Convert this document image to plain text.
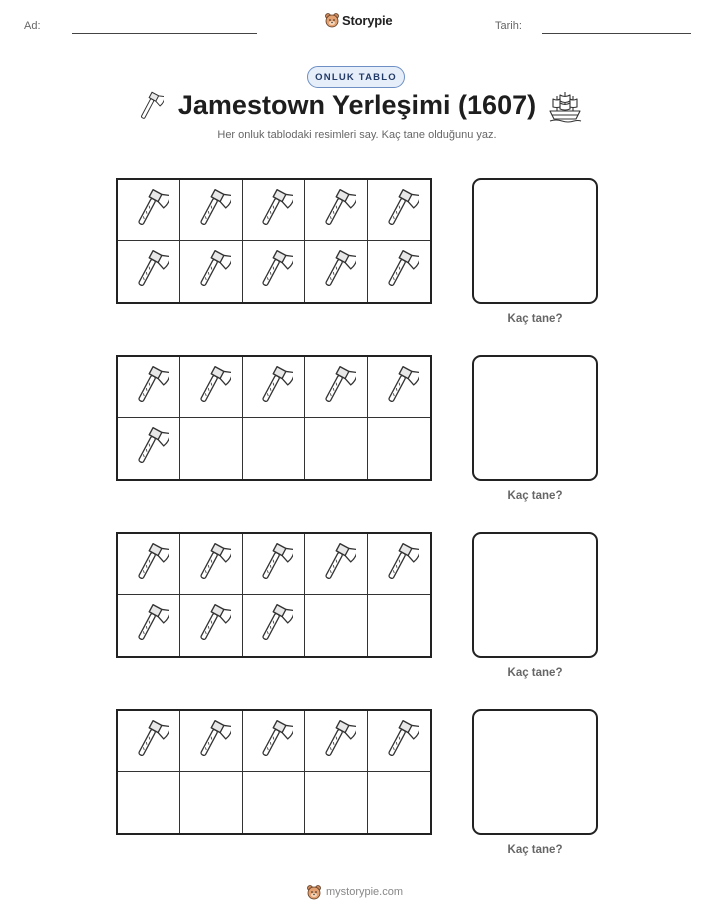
Ad:	Storypie	Tarih:
ONLUK TABLO
Jamestown Yerleşimi (1607)
Her onluk tablodaki resimleri say. Kaç tane olduğunu yaz.
Kaç tane?
Kaç tane?
Kaç tane?
Kaç tane?
mystorypie.com
